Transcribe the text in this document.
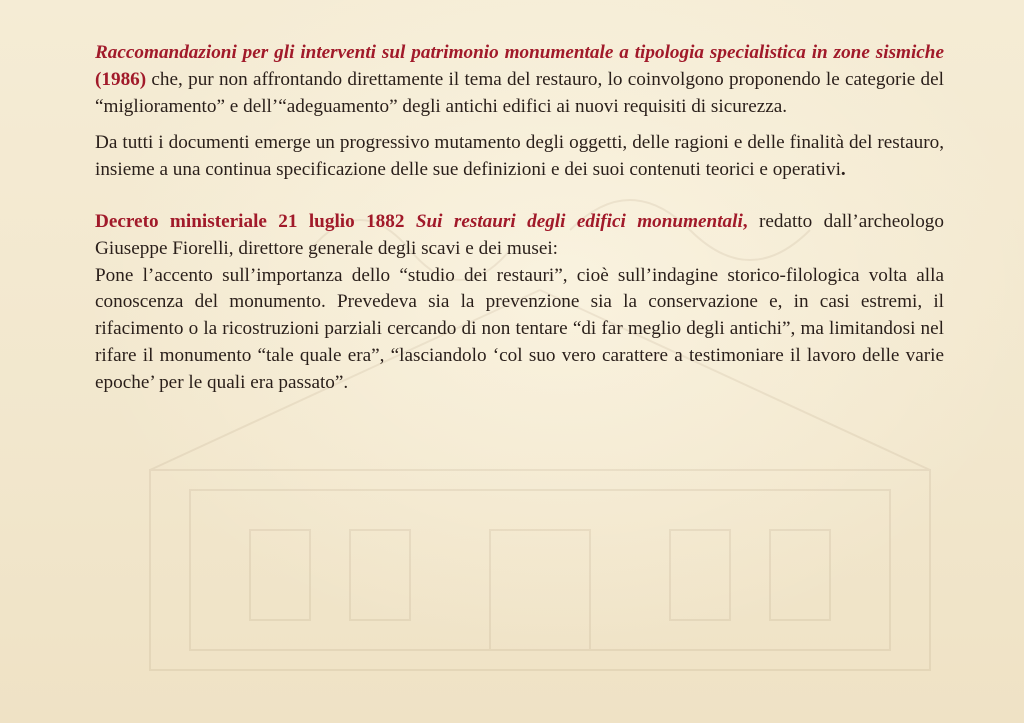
Raccomandazioni per gli interventi sul patrimonio monumentale a tipologia specialistica in zone sismiche (1986) che, pur non affrontando direttamente il tema del restauro, lo coinvolgono proponendo le categorie del “miglioramento” e dell’“adeguamento” degli antichi edifici ai nuovi requisiti di sicurezza.

Da tutti i documenti emerge un progressivo mutamento degli oggetti, delle ragioni e delle finalità del restauro, insieme a una continua specificazione delle sue definizioni e dei suoi contenuti teorici e operativi.

Decreto ministeriale 21 luglio 1882 Sui restauri degli edifici monumentali, redatto dall’archeologo Giuseppe Fiorelli, direttore generale degli scavi e dei musei:
Pone l’accento sull’importanza dello “studio dei restauri”, cioè sull’indagine storico-filologica volta alla conoscenza del monumento. Prevedeva sia la prevenzione sia la conservazione e, in casi estremi, il rifacimento o la ricostruzioni parziali cercando di non tentare “di far meglio degli antichi”, ma limitandosi nel rifare il monumento “tale quale era”, “lasciandolo ‘col suo vero carattere a testimoniare il lavoro delle varie epoche’ per le quali era passato”.
